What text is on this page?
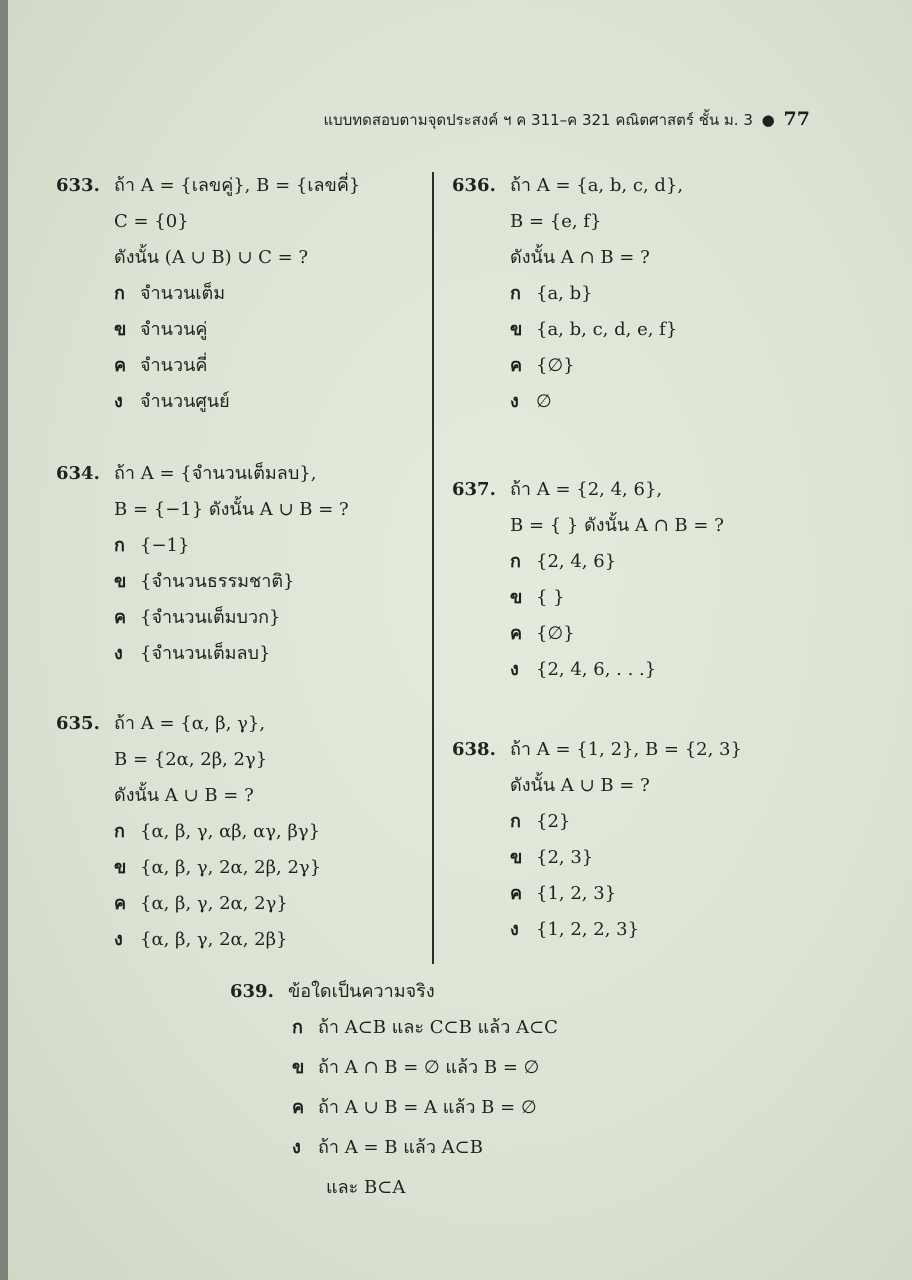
แบบทดสอบตามจุดประสงค์ ฯ ค 311–ค 321 คณิตศาสตร์ ชั้น ม. 3 ● 77
633. ถ้า A = {เลขคู่}, B = {เลขคี่}
C = {0}
ดังนั้น (A ∪ B) ∪ C = ?
ก จำนวนเต็ม
ข จำนวนคู่
ค จำนวนคี่
ง จำนวนศูนย์
634. ถ้า A = {จำนวนเต็มลบ},
B = {−1} ดังนั้น A ∪ B = ?
ก {−1}
ข {จำนวนธรรมชาติ}
ค {จำนวนเต็มบวก}
ง {จำนวนเต็มลบ}
635. ถ้า A = {α, β, γ},
B = {2α, 2β, 2γ}
ดังนั้น A ∪ B = ?
ก {α, β, γ, αβ, αγ, βγ}
ข {α, β, γ, 2α, 2β, 2γ}
ค {α, β, γ, 2α, 2γ}
ง {α, β, γ, 2α, 2β}
636. ถ้า A = {a, b, c, d},
B = {e, f}
ดังนั้น A ∩ B = ?
ก {a, b}
ข {a, b, c, d, e, f}
ค {∅}
ง ∅
637. ถ้า A = {2, 4, 6},
B = { } ดังนั้น A ∩ B = ?
ก {2, 4, 6}
ข { }
ค {∅}
ง {2, 4, 6, . . .}
638. ถ้า A = {1, 2}, B = {2, 3}
ดังนั้น A ∪ B = ?
ก {2}
ข {2, 3}
ค {1, 2, 3}
ง {1, 2, 2, 3}
639. ข้อใดเป็นความจริง
ก ถ้า A⊂B และ C⊂B แล้ว A⊂C
ข ถ้า A ∩ B = ∅ แล้ว B = ∅
ค ถ้า A ∪ B = A แล้ว B = ∅
ง ถ้า A = B แล้ว A⊂B
และ B⊂A
